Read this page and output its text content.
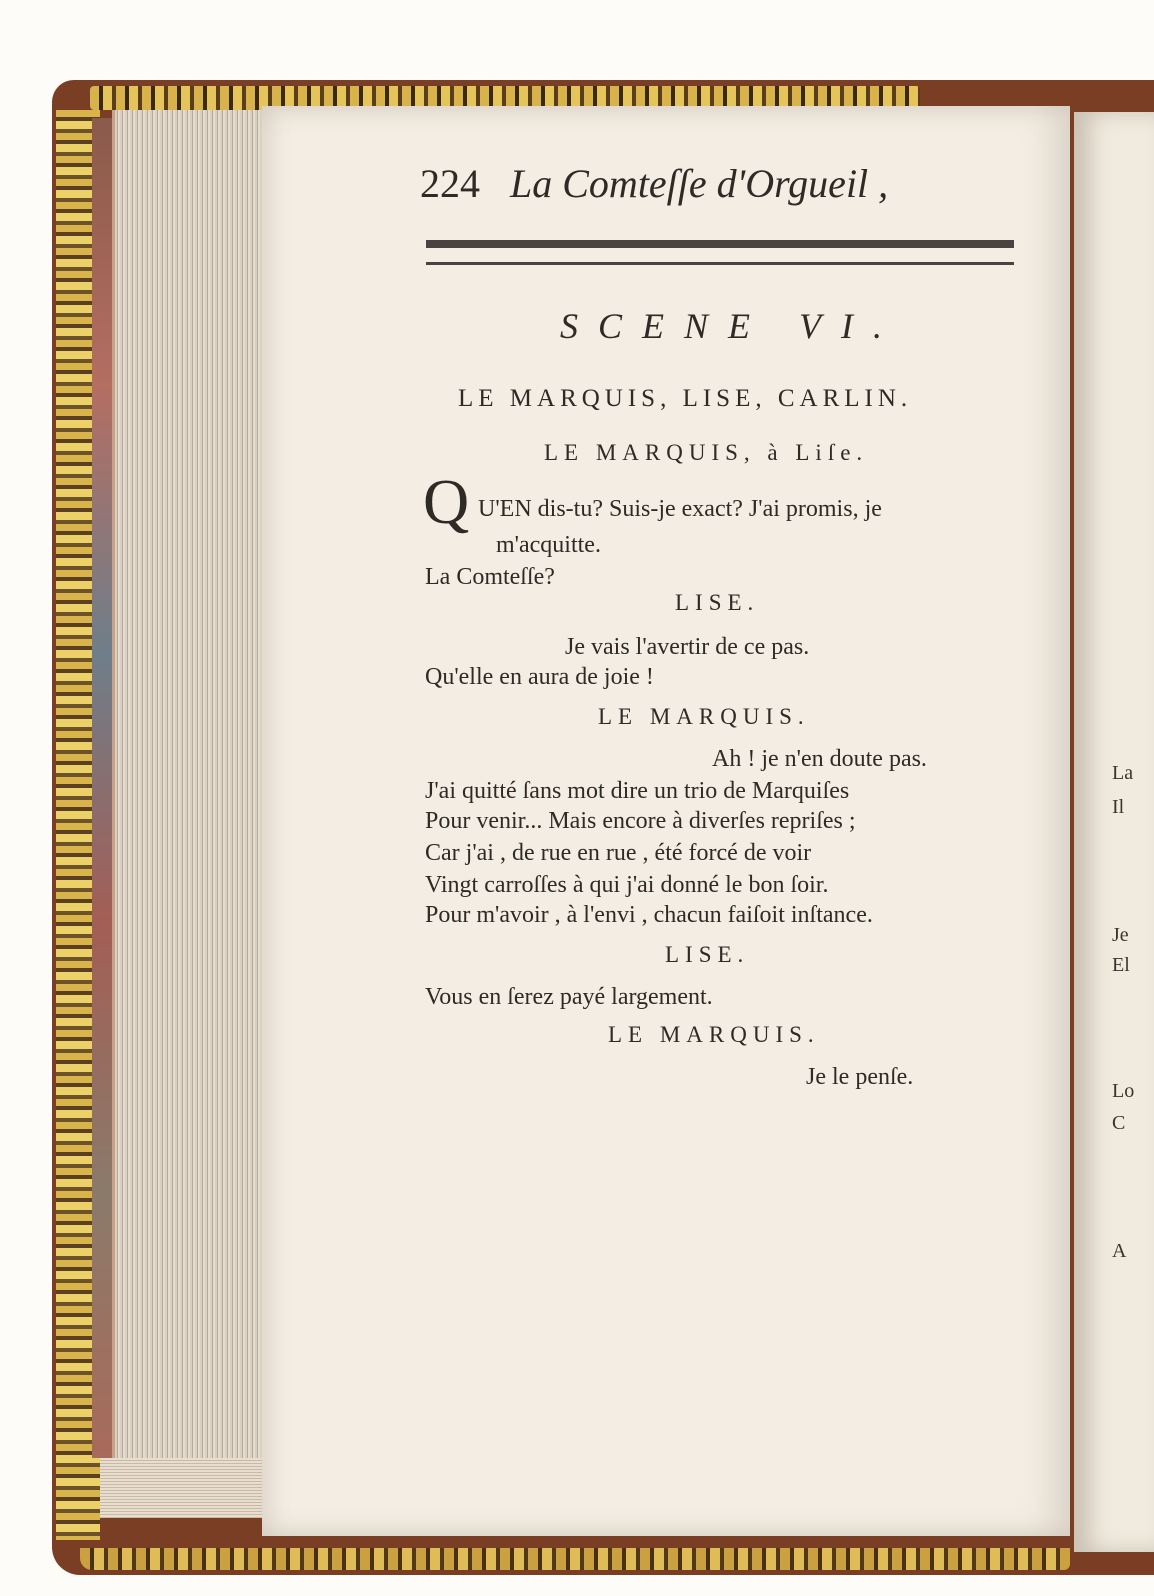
La
Il
Je
El
Lo
C
A
224 La Comteſſe d'Orgueil ,
SCENE VI.
LE MARQUIS, LISE, CARLIN.
LE MARQUIS, à Liſe.
Q U'EN dis-tu? Suis-je exact? J'ai promis, je
m'acquitte.
La Comteſſe?
LISE.
Je vais l'avertir de ce pas.
Qu'elle en aura de joie !
LE MARQUIS.
Ah ! je n'en doute pas.
J'ai quitté ſans mot dire un trio de Marquiſes
Pour venir... Mais encore à diverſes repriſes ;
Car j'ai , de rue en rue , été forcé de voir
Vingt carroſſes à qui j'ai donné le bon ſoir.
Pour m'avoir , à l'envi , chacun faiſoit inſtance.
LISE.
Vous en ſerez payé largement.
LE MARQUIS.
Je le penſe.
